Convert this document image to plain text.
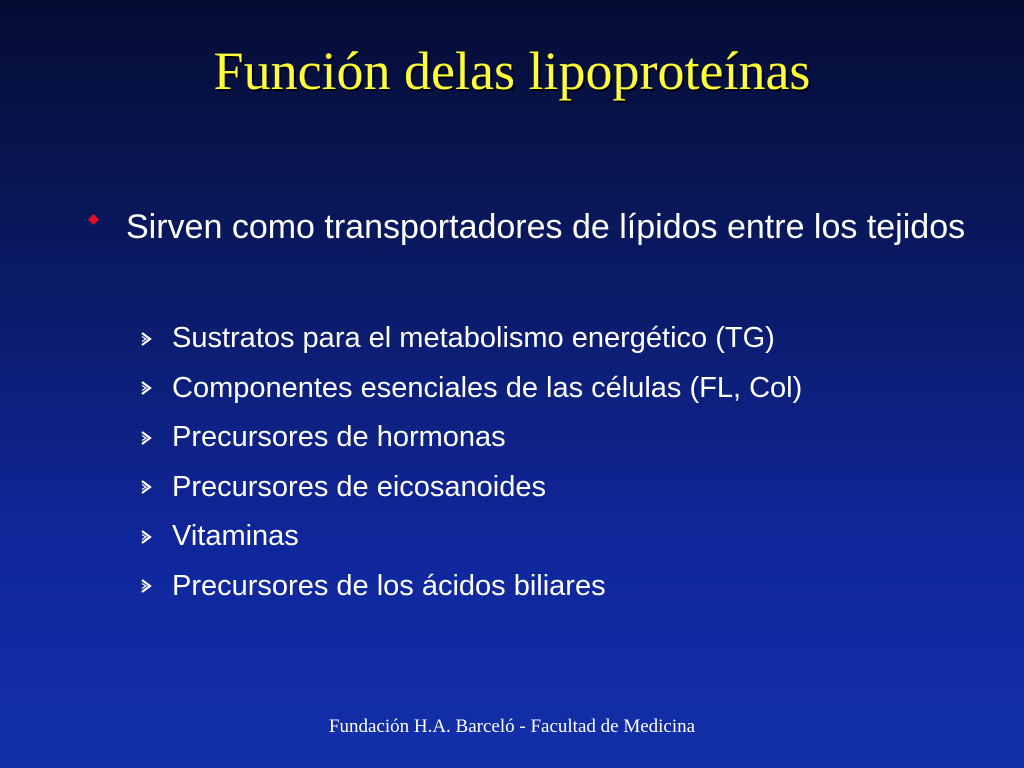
Función delas lipoproteínas
Sirven como transportadores de lípidos entre los tejidos
Sustratos para el metabolismo energético (TG)
Componentes esenciales de las células (FL, Col)
Precursores de hormonas
Precursores de eicosanoides
Vitaminas
Precursores de los ácidos biliares
Fundación H.A. Barceló - Facultad de Medicina
